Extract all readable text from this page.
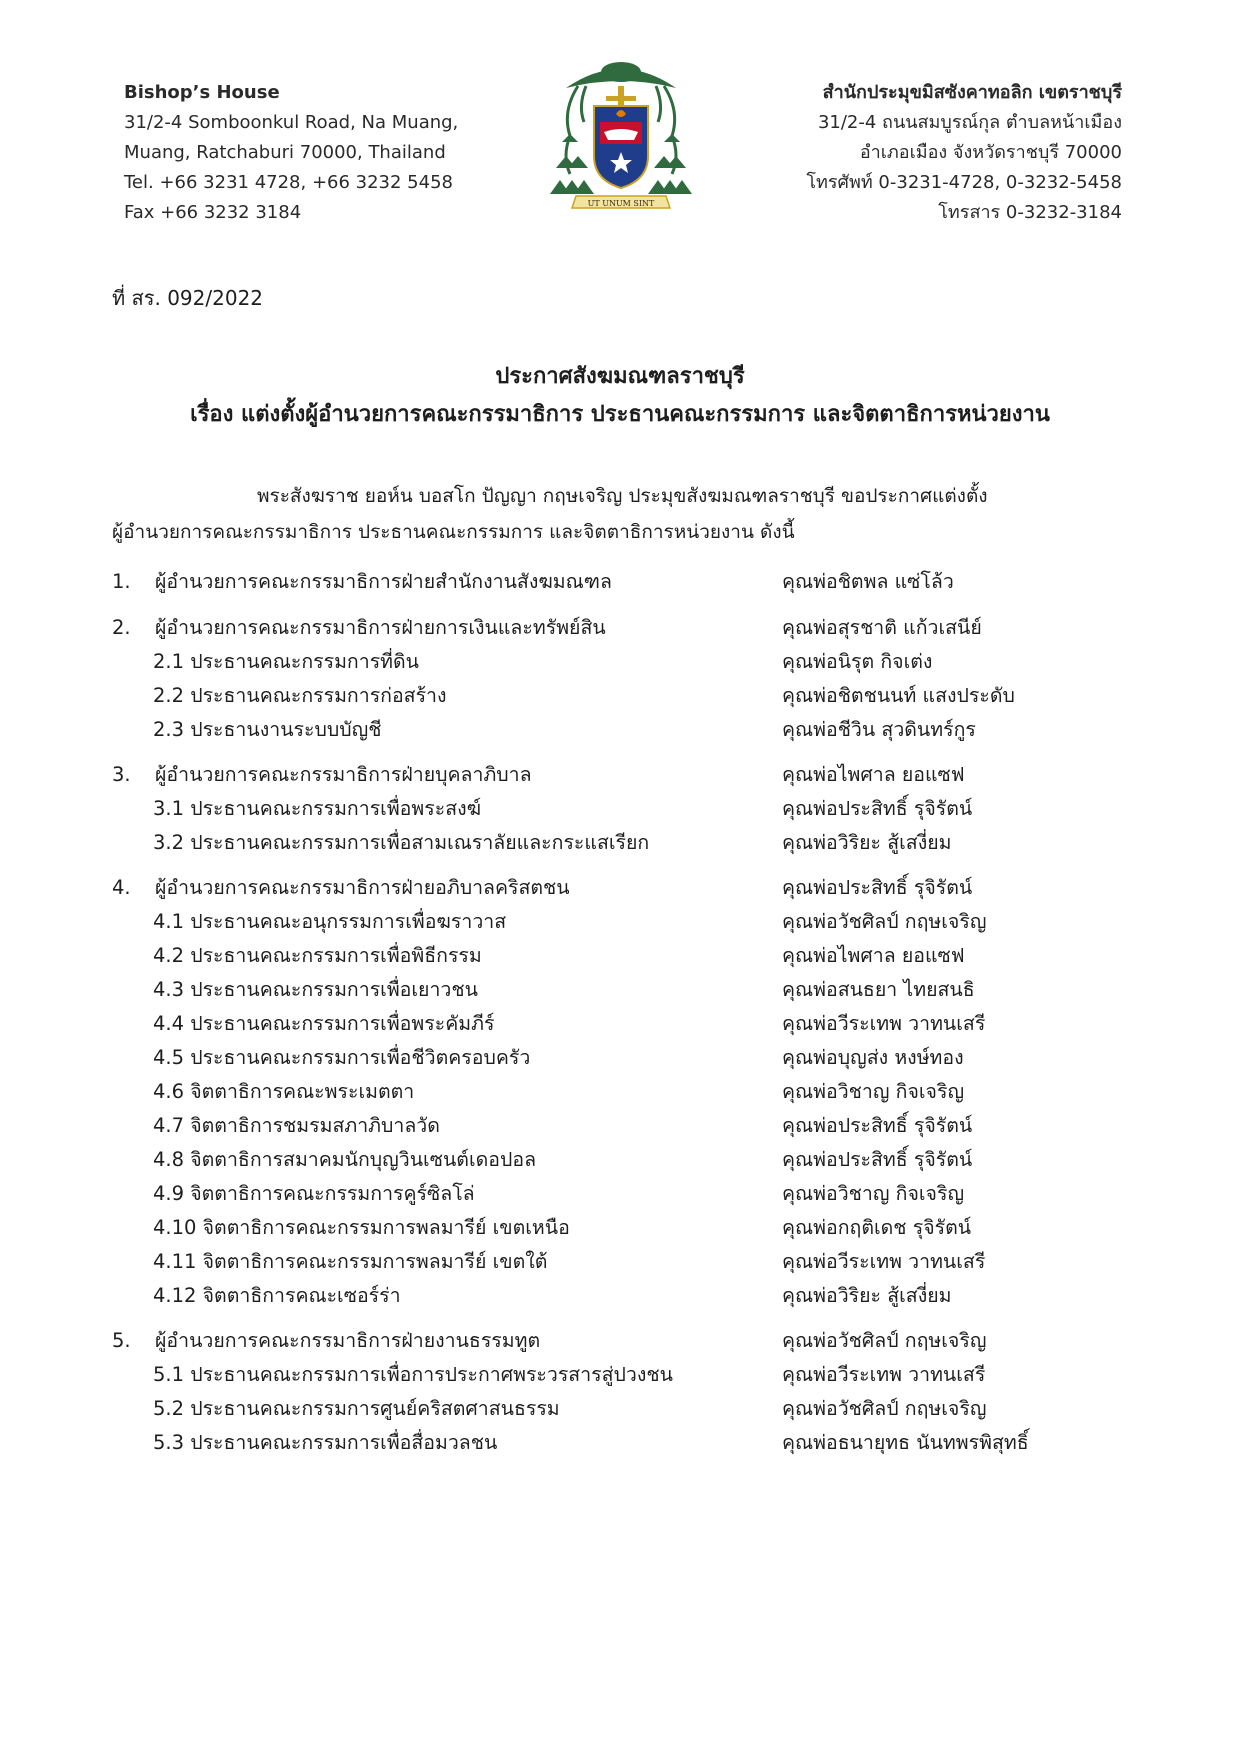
Bishop’s House
31/2-4 Somboonkul Road, Na Muang,
Muang, Ratchaburi 70000, Thailand
Tel. +66 3231 4728, +66 3232 5458
Fax +66 3232 3184	UT UNUM SINT
สำนักประมุขมิสซังคาทอลิก เขตราชบุรี
31/2-4 ถนนสมบูรณ์กุล ตำบลหน้าเมือง
อำเภอเมือง จังหวัดราชบุรี 70000
โทรศัพท์ 0-3231-4728, 0-3232-5458
โทรสาร 0-3232-3184
ที่ สร. 092/2022
ประกาศสังฆมณฑลราชบุรี
เรื่อง แต่งตั้งผู้อำนวยการคณะกรรมาธิการ ประธานคณะกรรมการ และจิตตาธิการหน่วยงาน
พระสังฆราช ยอห์น บอสโก ปัญญา กฤษเจริญ ประมุขสังฆมณฑลราชบุรี ขอประกาศแต่งตั้ง
ผู้อำนวยการคณะกรรมาธิการ ประธานคณะกรรมการ และจิตตาธิการหน่วยงาน ดังนี้
1. ผู้อำนวยการคณะกรรมาธิการฝ่ายสำนักงานสังฆมณฑล	คุณพ่อชิตพล แซ่โล้ว
2. ผู้อำนวยการคณะกรรมาธิการฝ่ายการเงินและทรัพย์สิน	คุณพ่อสุรชาติ แก้วเสนีย์
2.1 ประธานคณะกรรมการที่ดิน	คุณพ่อนิรุต กิจเต่ง
2.2 ประธานคณะกรรมการก่อสร้าง	คุณพ่อชิตชนนท์ แสงประดับ
2.3 ประธานงานระบบบัญชี	คุณพ่อชีวิน สุวดินทร์กูร
3. ผู้อำนวยการคณะกรรมาธิการฝ่ายบุคลาภิบาล	คุณพ่อไพศาล ยอแซฟ
3.1 ประธานคณะกรรมการเพื่อพระสงฆ์	คุณพ่อประสิทธิ์ รุจิรัตน์
3.2 ประธานคณะกรรมการเพื่อสามเณราลัยและกระแสเรียก	คุณพ่อวิริยะ สู้เสงี่ยม
4. ผู้อำนวยการคณะกรรมาธิการฝ่ายอภิบาลคริสตชน	คุณพ่อประสิทธิ์ รุจิรัตน์
4.1 ประธานคณะอนุกรรมการเพื่อฆราวาส	คุณพ่อวัชศิลป์ กฤษเจริญ
4.2 ประธานคณะกรรมการเพื่อพิธีกรรม	คุณพ่อไพศาล ยอแซฟ
4.3 ประธานคณะกรรมการเพื่อเยาวชน	คุณพ่อสนธยา ไทยสนธิ
4.4 ประธานคณะกรรมการเพื่อพระคัมภีร์	คุณพ่อวีระเทพ วาทนเสรี
4.5 ประธานคณะกรรมการเพื่อชีวิตครอบครัว	คุณพ่อบุญส่ง หงษ์ทอง
4.6 จิตตาธิการคณะพระเมตตา	คุณพ่อวิชาญ กิจเจริญ
4.7 จิตตาธิการชมรมสภาภิบาลวัด	คุณพ่อประสิทธิ์ รุจิรัตน์
4.8 จิตตาธิการสมาคมนักบุญวินเซนต์เดอปอล	คุณพ่อประสิทธิ์ รุจิรัตน์
4.9 จิตตาธิการคณะกรรมการคูร์ซิลโล่	คุณพ่อวิชาญ กิจเจริญ
4.10 จิตตาธิการคณะกรรมการพลมารีย์ เขตเหนือ	คุณพ่อกฤติเดช รุจิรัตน์
4.11 จิตตาธิการคณะกรรมการพลมารีย์ เขตใต้	คุณพ่อวีระเทพ วาทนเสรี
4.12 จิตตาธิการคณะเซอร์ร่า	คุณพ่อวิริยะ สู้เสงี่ยม
5. ผู้อำนวยการคณะกรรมาธิการฝ่ายงานธรรมทูต	คุณพ่อวัชศิลป์ กฤษเจริญ
5.1 ประธานคณะกรรมการเพื่อการประกาศพระวรสารสู่ปวงชน	คุณพ่อวีระเทพ วาทนเสรี
5.2 ประธานคณะกรรมการศูนย์คริสตศาสนธรรม	คุณพ่อวัชศิลป์ กฤษเจริญ
5.3 ประธานคณะกรรมการเพื่อสื่อมวลชน	คุณพ่อธนายุทธ นันทพรพิสุทธิ์
